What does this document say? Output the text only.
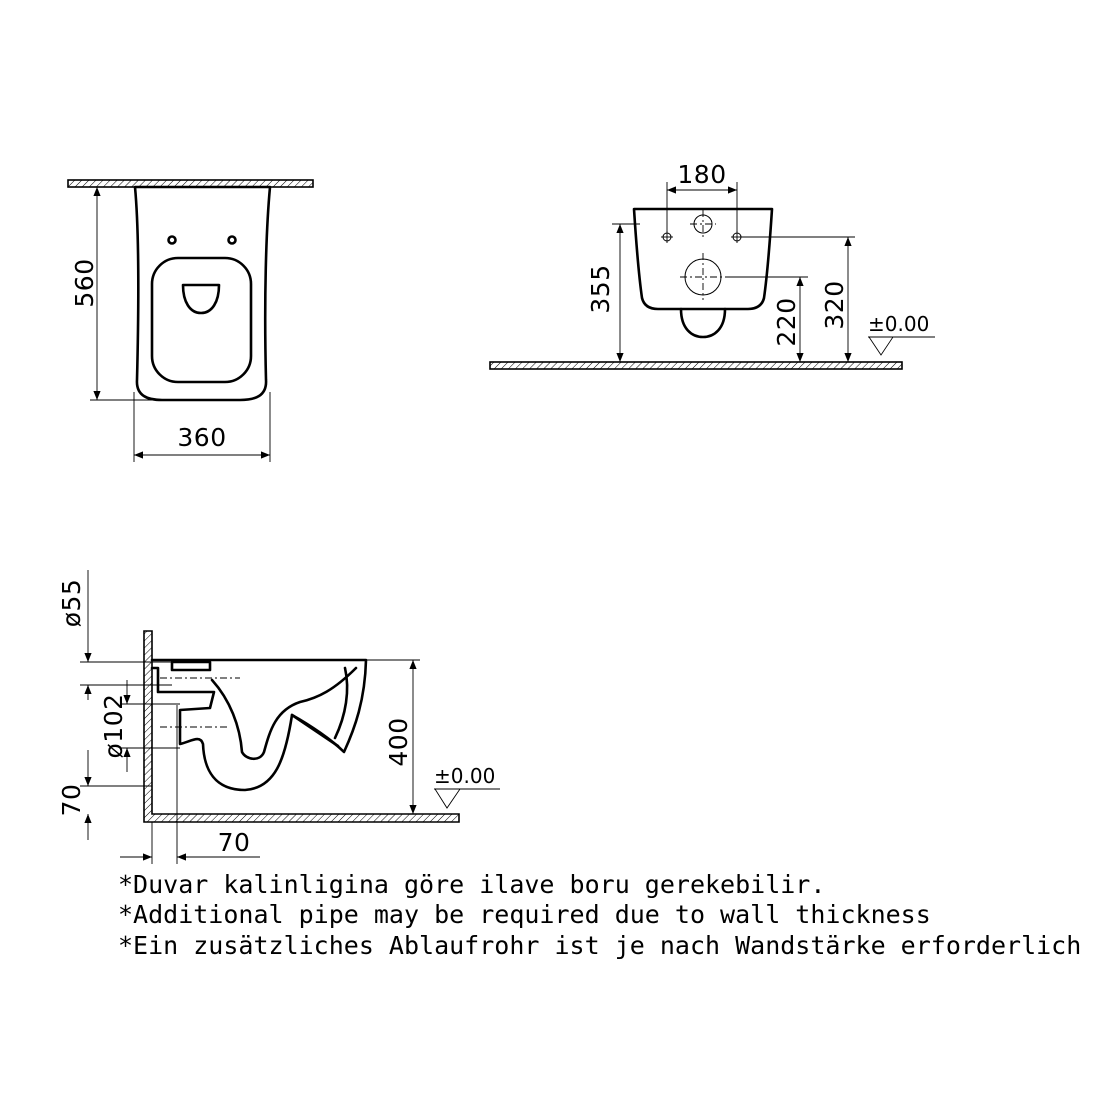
560
360
180
355
220 320 ±0.00
ø55
ø102
70
70
400
±0.00
*Duvar kalinligina göre ilave boru gerekebilir.
*Additional pipe may be required due to wall thickness
*Ein zusätzliches Ablaufrohr ist je nach Wandstärke erforderlich
